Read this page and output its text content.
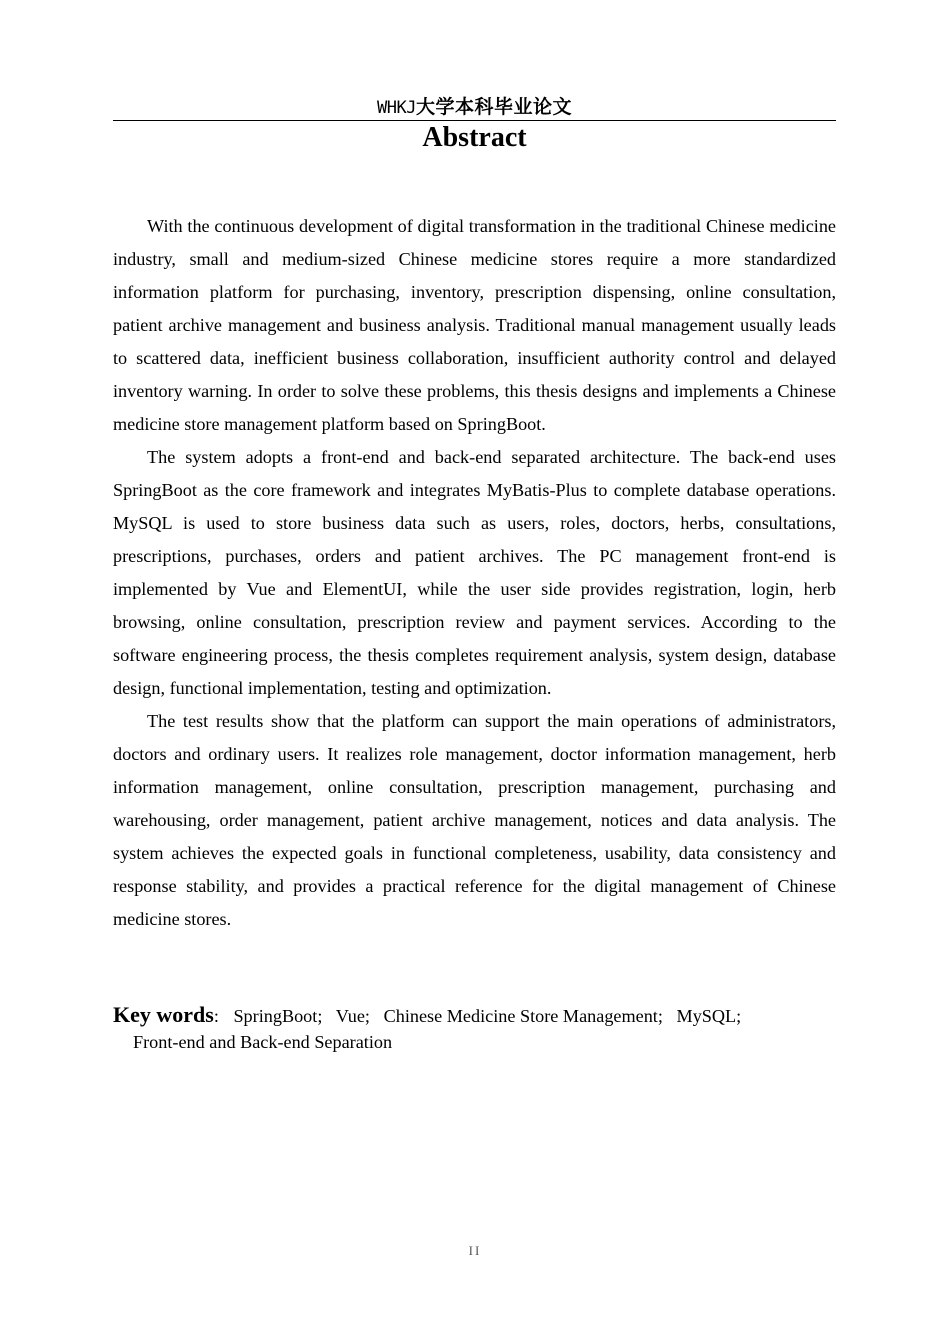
WHKJ大学本科毕业论文
Abstract

With the continuous development of digital transformation in the traditional Chinese medicine industry, small and medium-sized Chinese medicine stores require a more standardized information platform for purchasing, inventory, prescription dispensing, online consultation, patient archive management and business analysis. Traditional manual management usually leads to scattered data, inefficient business collaboration, insufficient authority control and delayed inventory warning. In order to solve these problems, this thesis designs and implements a Chinese medicine store management platform based on SpringBoot.

The system adopts a front-end and back-end separated architecture. The back-end uses SpringBoot as the core framework and integrates MyBatis-Plus to complete database operations. MySQL is used to store business data such as users, roles, doctors, herbs, consultations, prescriptions, purchases, orders and patient archives. The PC management front-end is implemented by Vue and ElementUI, while the user side provides registration, login, herb browsing, online consultation, prescription review and payment services. According to the software engineering process, the thesis completes requirement analysis, system design, database design, functional implementation, testing and optimization.

The test results show that the platform can support the main operations of administrators, doctors and ordinary users. It realizes role management, doctor information management, herb information management, online consultation, prescription management, purchasing and warehousing, order management, patient archive management, notices and data analysis. The system achieves the expected goals in functional completeness, usability, data consistency and response stability, and provides a practical reference for the digital management of Chinese medicine stores.

Key words: SpringBoot; Vue; Chinese Medicine Store Management; MySQL;
Front-end and Back-end Separation
II
